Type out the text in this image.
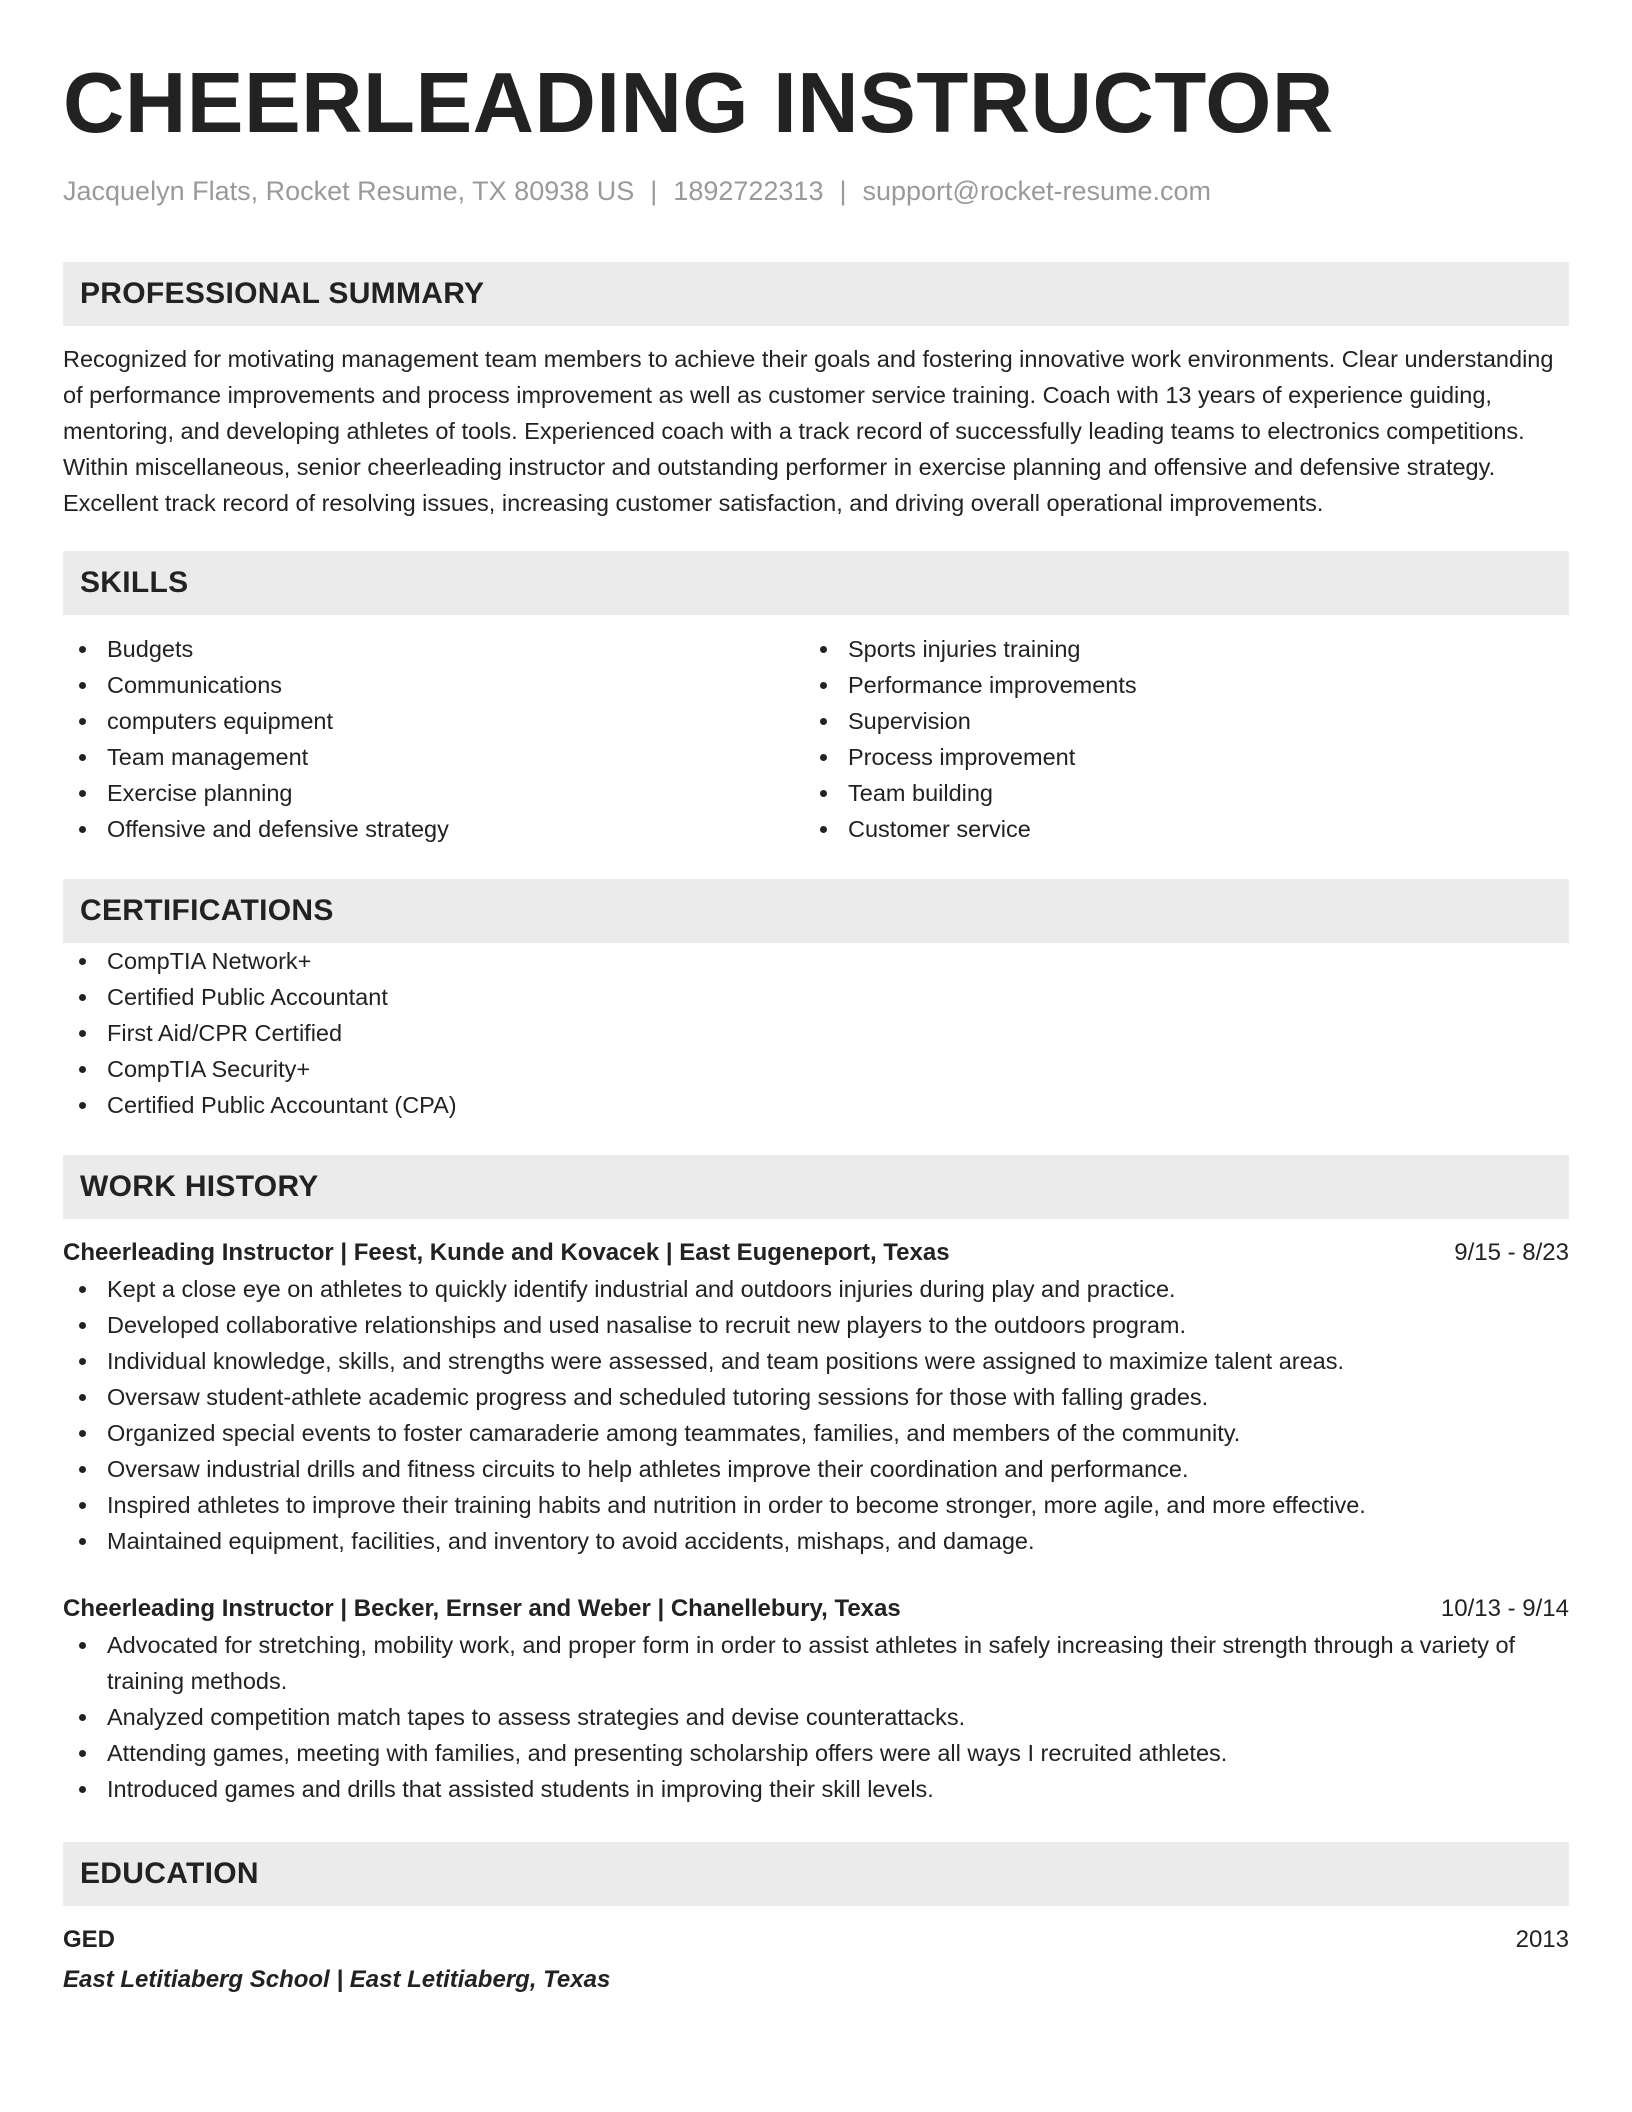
CHEERLEADING INSTRUCTOR
Jacquelyn Flats, Rocket Resume, TX 80938 US | 1892722313 | support@rocket-resume.com
PROFESSIONAL SUMMARY
Recognized for motivating management team members to achieve their goals and fostering innovative work environments. Clear understanding of performance improvements and process improvement as well as customer service training. Coach with 13 years of experience guiding, mentoring, and developing athletes of tools. Experienced coach with a track record of successfully leading teams to electronics competitions. Within miscellaneous, senior cheerleading instructor and outstanding performer in exercise planning and offensive and defensive strategy. Excellent track record of resolving issues, increasing customer satisfaction, and driving overall operational improvements.
SKILLS
Budgets
Communications
computers equipment
Team management
Exercise planning
Offensive and defensive strategy
Sports injuries training
Performance improvements
Supervision
Process improvement
Team building
Customer service
CERTIFICATIONS
CompTIA Network+
Certified Public Accountant
First Aid/CPR Certified
CompTIA Security+
Certified Public Accountant (CPA)
WORK HISTORY
Cheerleading Instructor | Feest, Kunde and Kovacek | East Eugeneport, Texas	9/15 - 8/23
Kept a close eye on athletes to quickly identify industrial and outdoors injuries during play and practice.
Developed collaborative relationships and used nasalise to recruit new players to the outdoors program.
Individual knowledge, skills, and strengths were assessed, and team positions were assigned to maximize talent areas.
Oversaw student-athlete academic progress and scheduled tutoring sessions for those with falling grades.
Organized special events to foster camaraderie among teammates, families, and members of the community.
Oversaw industrial drills and fitness circuits to help athletes improve their coordination and performance.
Inspired athletes to improve their training habits and nutrition in order to become stronger, more agile, and more effective.
Maintained equipment, facilities, and inventory to avoid accidents, mishaps, and damage.
Cheerleading Instructor | Becker, Ernser and Weber | Chanellebury, Texas	10/13 - 9/14
Advocated for stretching, mobility work, and proper form in order to assist athletes in safely increasing their strength through a variety of training methods.
Analyzed competition match tapes to assess strategies and devise counterattacks.
Attending games, meeting with families, and presenting scholarship offers were all ways I recruited athletes.
Introduced games and drills that assisted students in improving their skill levels.
EDUCATION
GED	2013
East Letitiaberg School | East Letitiaberg, Texas
